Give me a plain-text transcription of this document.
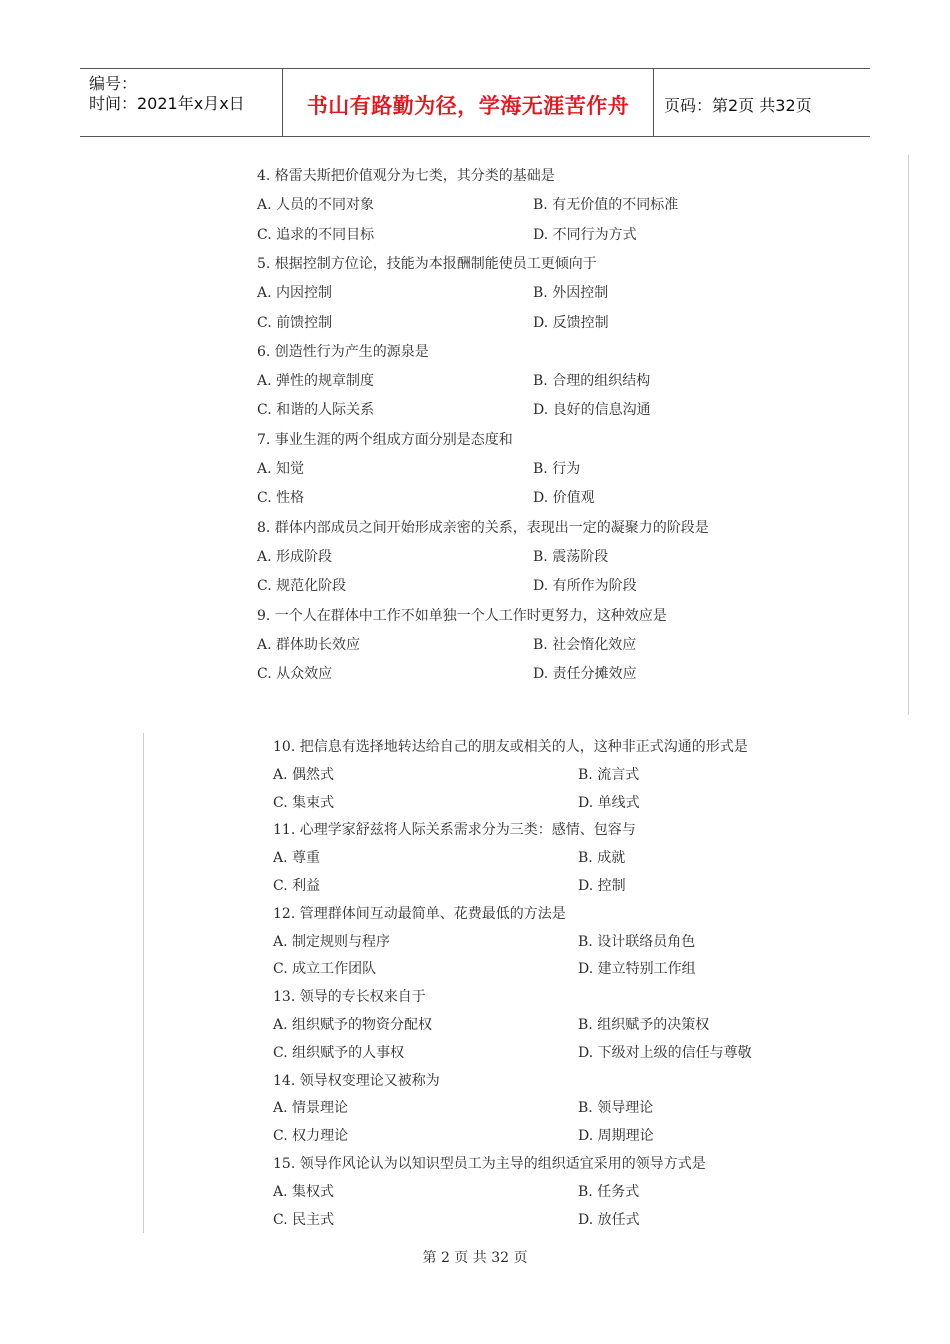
编号：
时间：2021年x月x日	书山有路勤为径，学海无涯苦作舟	页码：第2页 共32页
4. 格雷夫斯把价值观分为七类，其分类的基础是
A. 人员的不同对象	B. 有无价值的不同标准
C. 追求的不同目标	D. 不同行为方式
5. 根据控制方位论，技能为本报酬制能使员工更倾向于
A. 内因控制	B. 外因控制
C. 前馈控制	D. 反馈控制
6. 创造性行为产生的源泉是
A. 弹性的规章制度	B. 合理的组织结构
C. 和谐的人际关系	D. 良好的信息沟通
7. 事业生涯的两个组成方面分别是态度和
A. 知觉	B. 行为
C. 性格	D. 价值观
8. 群体内部成员之间开始形成亲密的关系，表现出一定的凝聚力的阶段是
A. 形成阶段	B. 震荡阶段
C. 规范化阶段	D. 有所作为阶段
9. 一个人在群体中工作不如单独一个人工作时更努力，这种效应是
A. 群体助长效应	B. 社会惰化效应
C. 从众效应	D. 责任分摊效应
10. 把信息有选择地转达给自己的朋友或相关的人，这种非正式沟通的形式是
A. 偶然式	B. 流言式
C. 集束式	D. 单线式
11. 心理学家舒兹将人际关系需求分为三类：感情、包容与
A. 尊重	B. 成就
C. 利益	D. 控制
12. 管理群体间互动最简单、花费最低的方法是
A. 制定规则与程序	B. 设计联络员角色
C. 成立工作团队	D. 建立特别工作组
13. 领导的专长权来自于
A. 组织赋予的物资分配权	B. 组织赋予的决策权
C. 组织赋予的人事权	D. 下级对上级的信任与尊敬
14. 领导权变理论又被称为
A. 情景理论	B. 领导理论
C. 权力理论	D. 周期理论
15. 领导作风论认为以知识型员工为主导的组织适宜采用的领导方式是
A. 集权式	B. 任务式
C. 民主式	D. 放任式
第 2 页 共 32 页
